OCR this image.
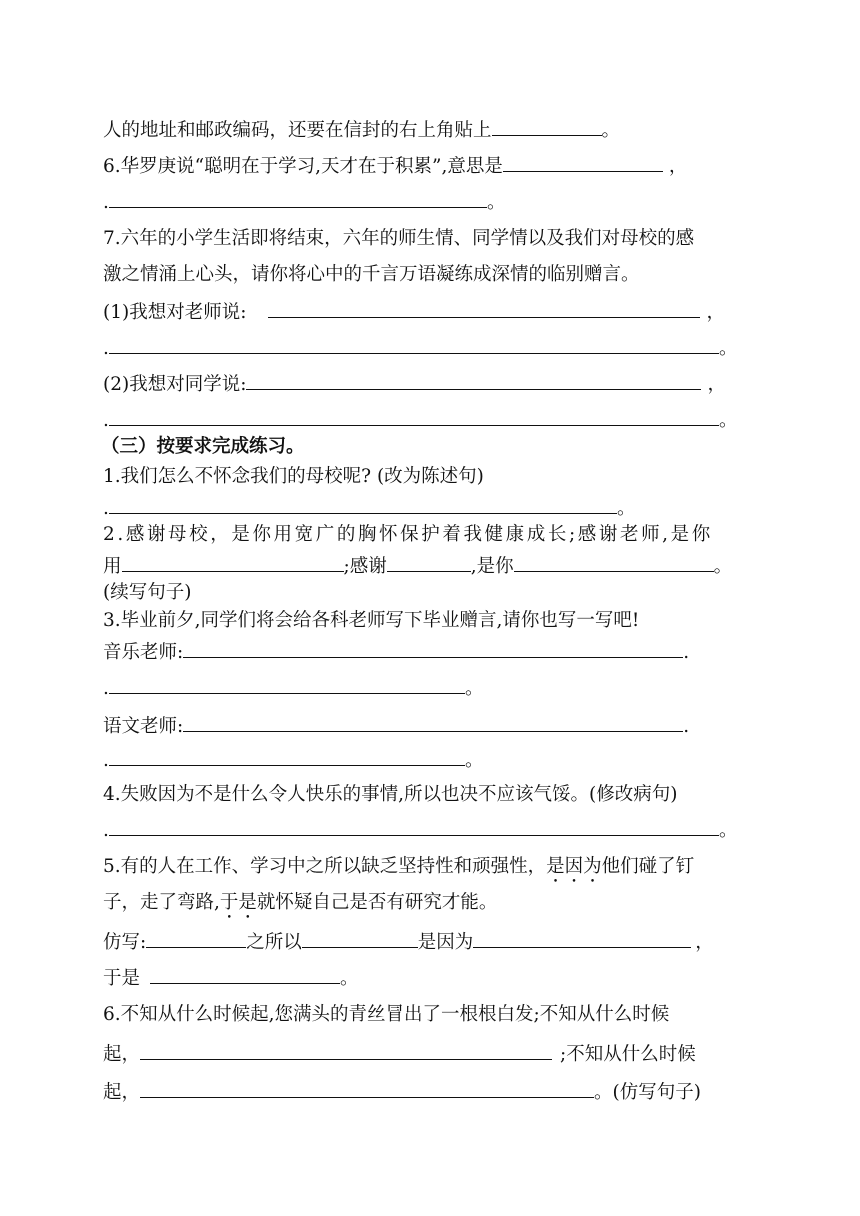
人的地址和邮政编码，还要在信封的右上角贴上	。
6.华罗庚说“聪明在于学习,天才在于积累”,意思是	，
.	。
7.六年的小学生活即将结束，六年的师生情、同学情以及我们对母校的感
激之情涌上心头，请你将心中的千言万语凝练成深情的临别赠言。
(1)我想对老师说:	，
.	。
(2)我想对同学说:	，
.	。
（三）按要求完成练习。
1.我们怎么不怀念我们的母校呢? (改为陈述句)
.	。
2.感谢母校，是你用宽广的胸怀保护着我健康成长;感谢老师,是你
用	;感谢	,是你	。
(续写句子)
3.毕业前夕,同学们将会给各科老师写下毕业赠言,请你也写一写吧!
音乐老师:	.
.	。
语文老师:	.
.	。
4.失败因为不是什么令人快乐的事情,所以也决不应该气馁。(修改病句)
.	。
5.有的人在工作、学习中之所以缺乏坚持性和顽强性，是因为他们碰了钉
子，走了弯路,于是就怀疑自己是否有研究才能。
仿写:	之所以	是因为	，
于是	。
6.不知从什么时候起,您满头的青丝冒出了一根根白发;不知从什么时候
起，	;不知从什么时候
起，	。(仿写句子)
